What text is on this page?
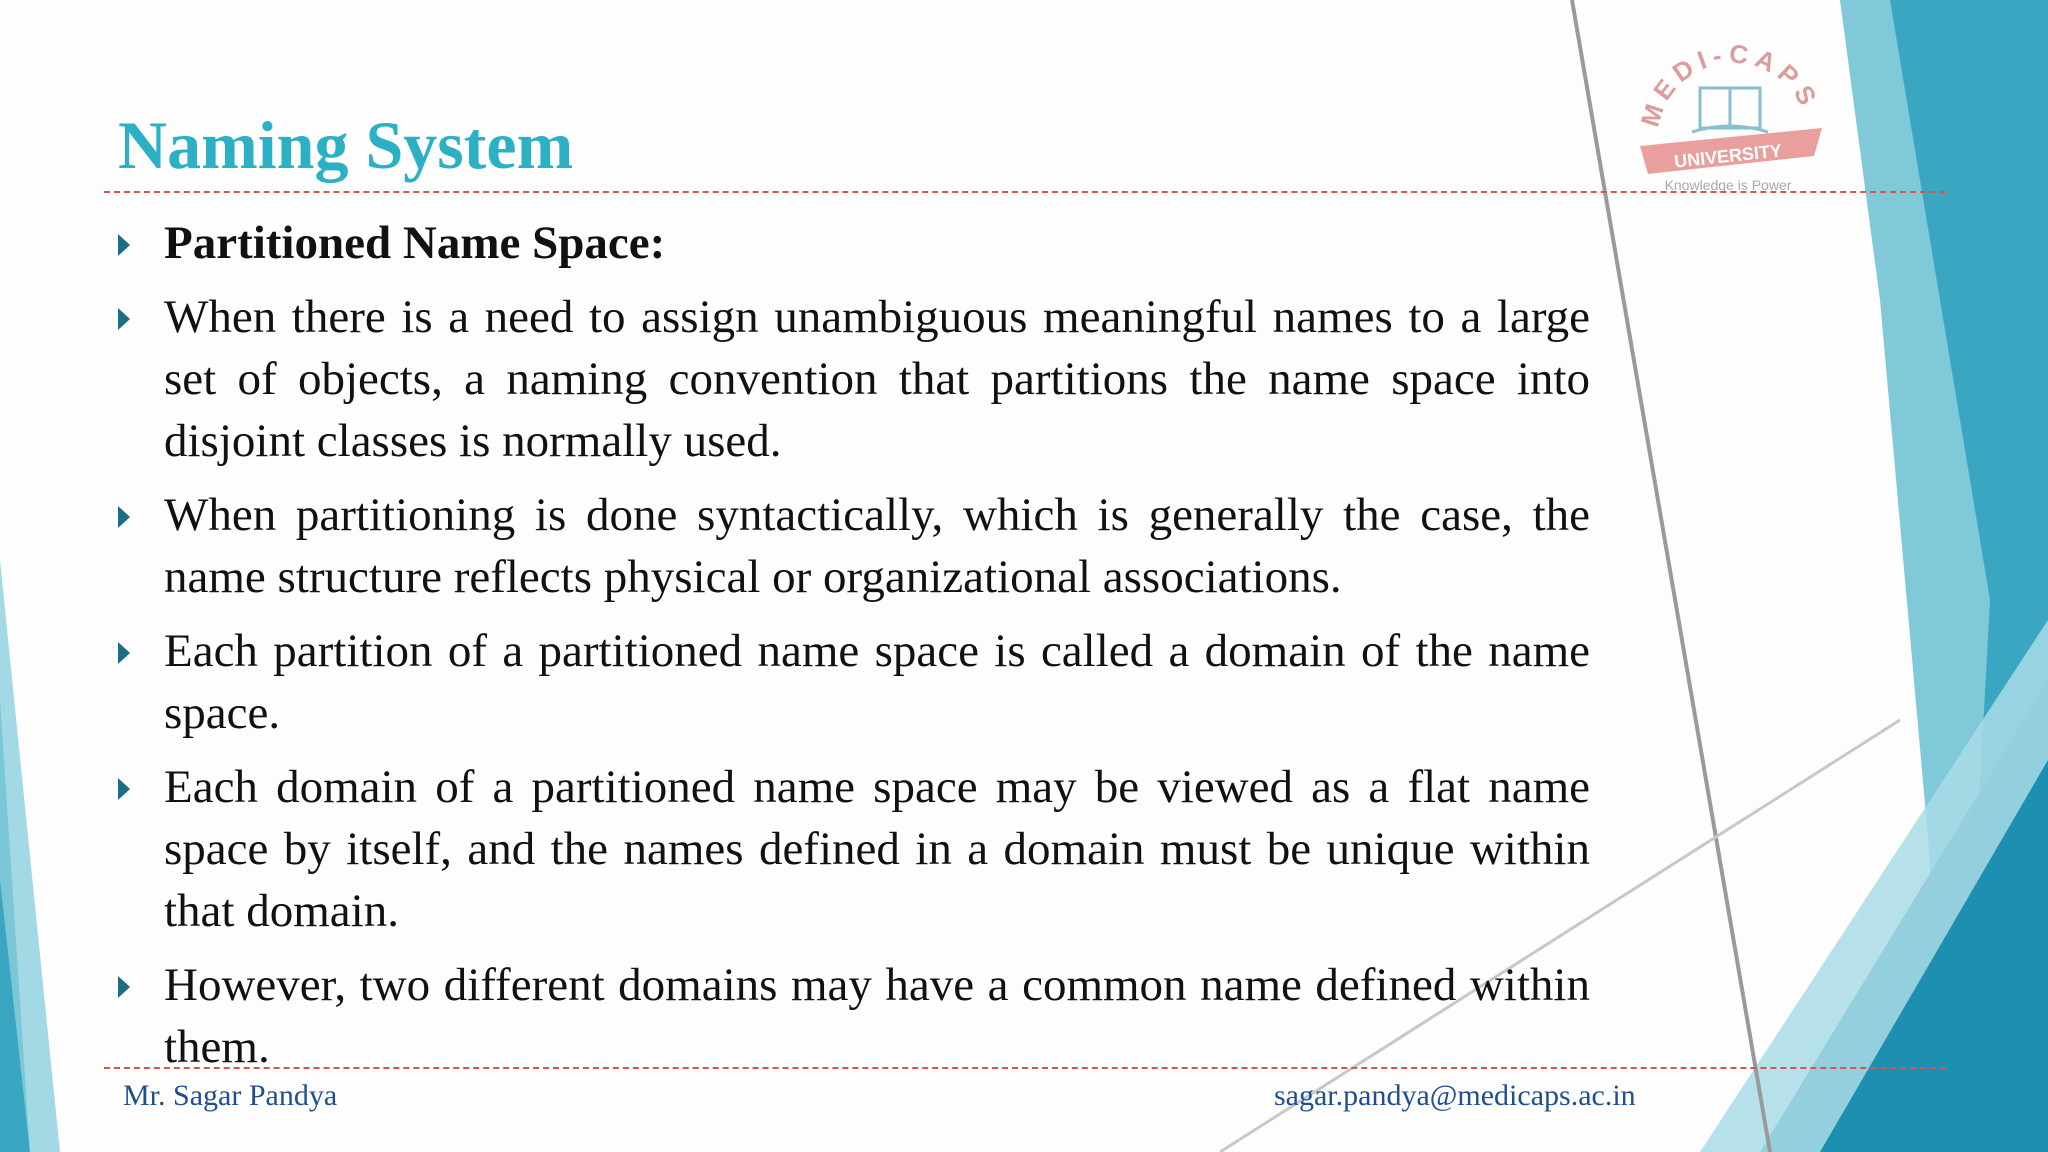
MEDI-CAPS
UNIVERSITY
Knowledge is Power
Naming System
Partitioned Name Space:
When there is a need to assign unambiguous meaningful names to a large set of objects, a naming convention that partitions the name space into disjoint classes is normally used.
When partitioning is done syntactically, which is generally the case, the name structure reflects physical or organizational associations.
Each partition of a partitioned name space is called a domain of the name space.
Each domain of a partitioned name space may be viewed as a flat name space by itself, and the names defined in a domain must be unique within that domain.
However, two different domains may have a common name defined within them.
Mr. Sagar Pandya	sagar.pandya@medicaps.ac.in
